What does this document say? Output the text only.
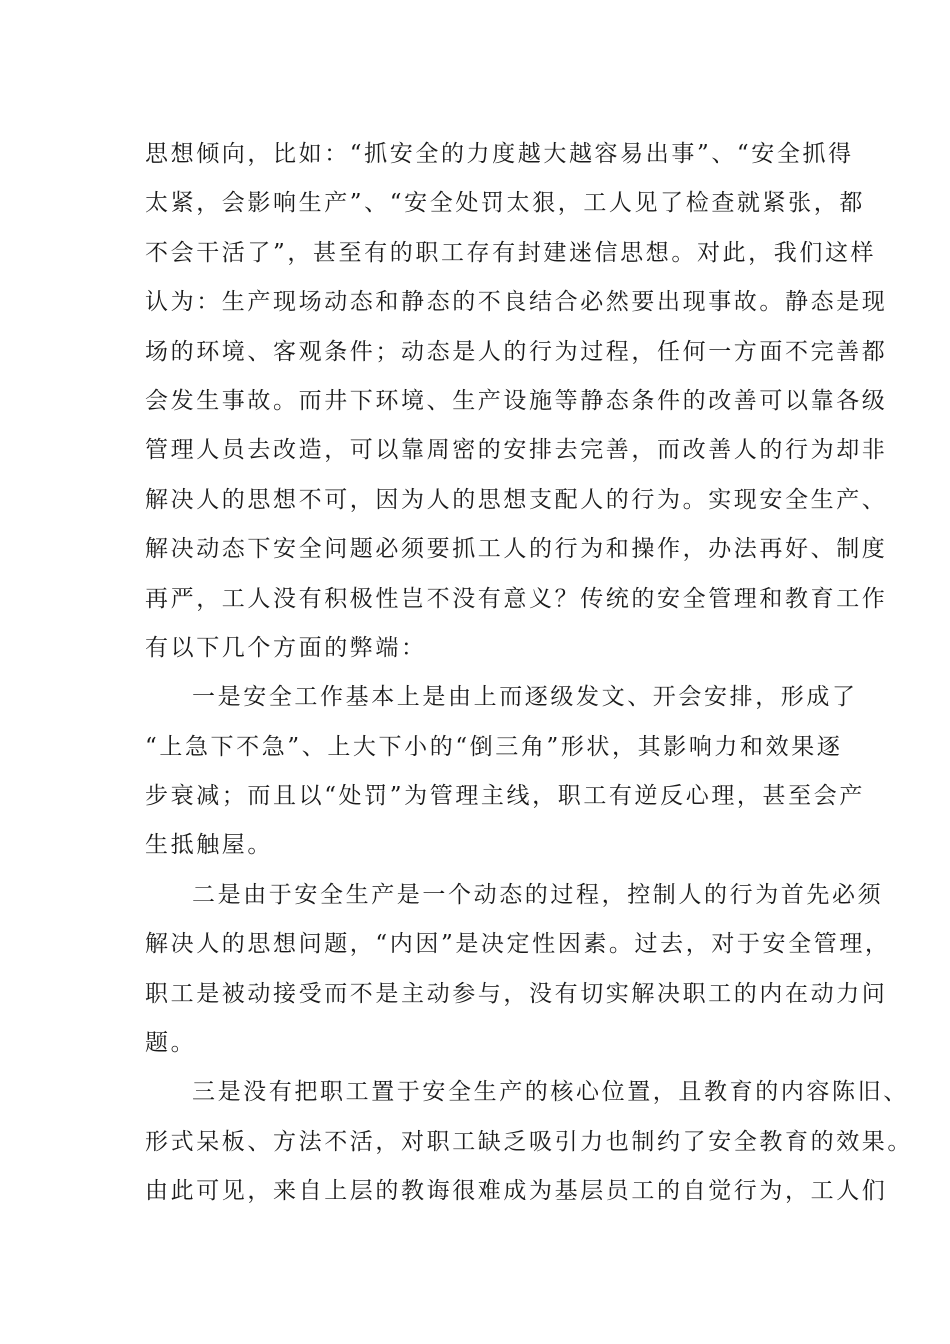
思想倾向，比如：“抓安全的力度越大越容易出事”、“安全抓得
太紧，会影响生产”、“安全处罚太狠，工人见了检查就紧张，都
不会干活了”，甚至有的职工存有封建迷信思想。对此，我们这样
认为：生产现场动态和静态的不良结合必然要出现事故。静态是现
场的环境、客观条件；动态是人的行为过程，任何一方面不完善都
会发生事故。而井下环境、生产设施等静态条件的改善可以靠各级
管理人员去改造，可以靠周密的安排去完善，而改善人的行为却非
解决人的思想不可，因为人的思想支配人的行为。实现安全生产、
解决动态下安全问题必须要抓工人的行为和操作，办法再好、制度
再严，工人没有积极性岂不没有意义？传统的安全管理和教育工作
有以下几个方面的弊端：
一是安全工作基本上是由上而逐级发文、开会安排，形成了
“上急下不急”、上大下小的“倒三角”形状，其影响力和效果逐
步衰减；而且以“处罚”为管理主线，职工有逆反心理，甚至会产
生抵触屋。
二是由于安全生产是一个动态的过程，控制人的行为首先必须
解决人的思想问题，“内因”是决定性因素。过去，对于安全管理，
职工是被动接受而不是主动参与，没有切实解决职工的内在动力问
题。
三是没有把职工置于安全生产的核心位置，且教育的内容陈旧、
形式呆板、方法不活，对职工缺乏吸引力也制约了安全教育的效果。
由此可见，来自上层的教诲很难成为基层员工的自觉行为，工人们
